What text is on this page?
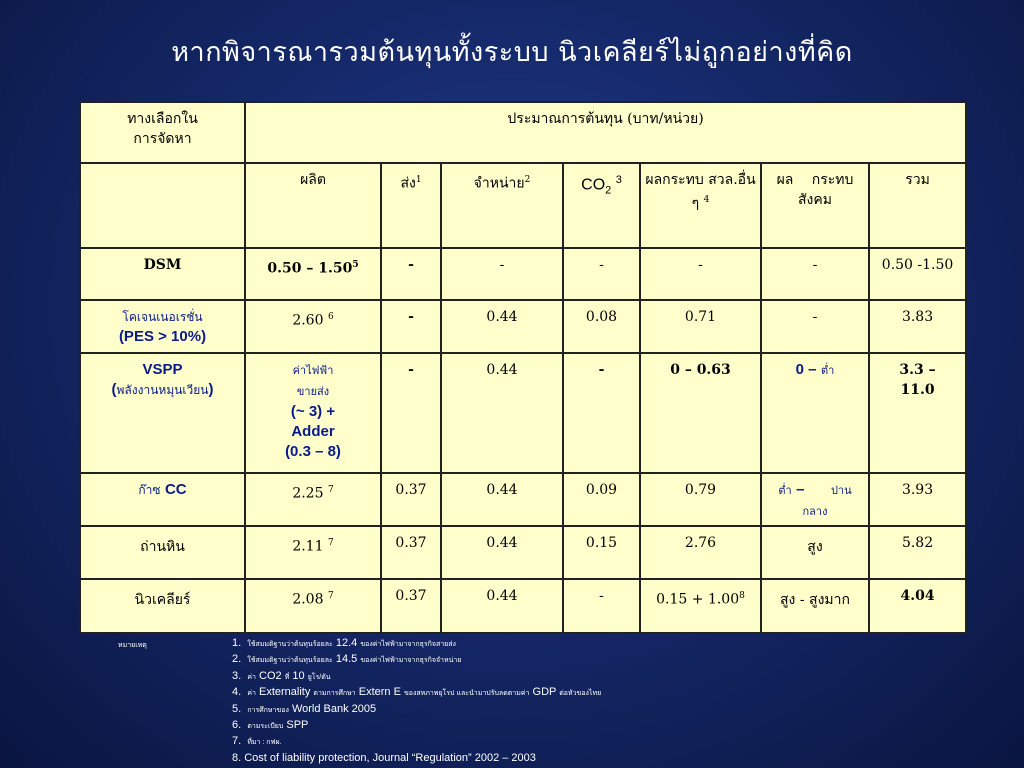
หากพิจารณารวมต้นทุนทั้งระบบ นิวเคลียร์ไม่ถูกอย่างที่คิด
ทางเลือกใน
การจัดหา	ประมาณการต้นทุน (บาท/หน่วย)						
	ผลิต	ส่ง$^1$	จำหน่าย$^2$	$CO_2$ $^3$	ผลกระทบ สวล.อื่น
ๆ $^4$	ผล กระทบ
สังคม	รวม
DSM	0.50 – 1.50$^5$	-	-	-	-	-	0.50 -1.50
โคเจนเนอเรชั่น
(PES > 10%)	2.60 $^6$	-	0.44	0.08	0.71	-	3.83
VSPP
(พลังงานหมุนเวียน)	ค่าไฟฟ้า
ขายส่ง
(~ 3) +
Adder
(0.3 – 8)	-	0.44	-	0 – 0.63	0 – ต่ำ	3.3 –
11.0
ก๊าซ CC	2.25 $^7$	0.37	0.44	0.09	0.79	ต่ำ – ปาน
กลาง	3.93
ถ่านหิน	2.11 $^7$	0.37	0.44	0.15	2.76	สูง	5.82
นิวเคลียร์	2.08 $^7$	0.37	0.44	-	$0.15 + 1.00^8$	สูง - สูงมาก	4.04
หมายเหตุ	1. ใช้สมมติฐานว่าต้นทุนร้อยละ 12.4 ของค่าไฟฟ้ามาจากธุรกิจสายส่ง
2. ใช้สมมติฐานว่าต้นทุนร้อยละ 14.5 ของค่าไฟฟ้ามาจากธุรกิจจำหน่าย
3. ค่า CO2 ที่ 10 ยูโร/ตัน
4. ค่า Externality ตามการศึกษา Extern E ของสหภาพยุโรป และนำมาปรับลดตามค่า GDP ต่อหัวของไทย
5. การศึกษาของ World Bank 2005
6. ตามระเบียบ SPP
7. ที่มา : กฟผ.
8. Cost of liability protection, Journal “Regulation” 2002 – 2003
